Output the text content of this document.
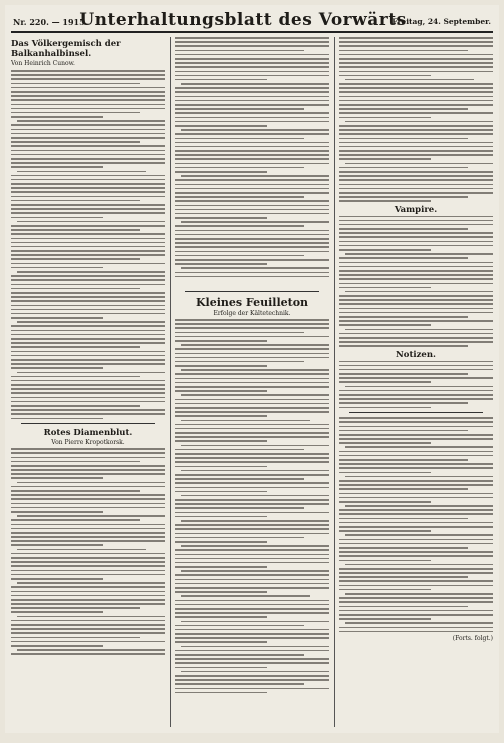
Nr. 220. — 1915.
Unterhaltungsblatt des Vorwärts
Freitag, 24. September.
Das Völkergemisch der Balkanhalbinsel.
Von Heinrich Cunow.
Rotes Diamenblut.
Von Pierre Kropotkorsk.
Kleines Feuilleton
Erfolge der Kältetechnik.
Vampire.
Notizen.
(Forts. folgt.)
